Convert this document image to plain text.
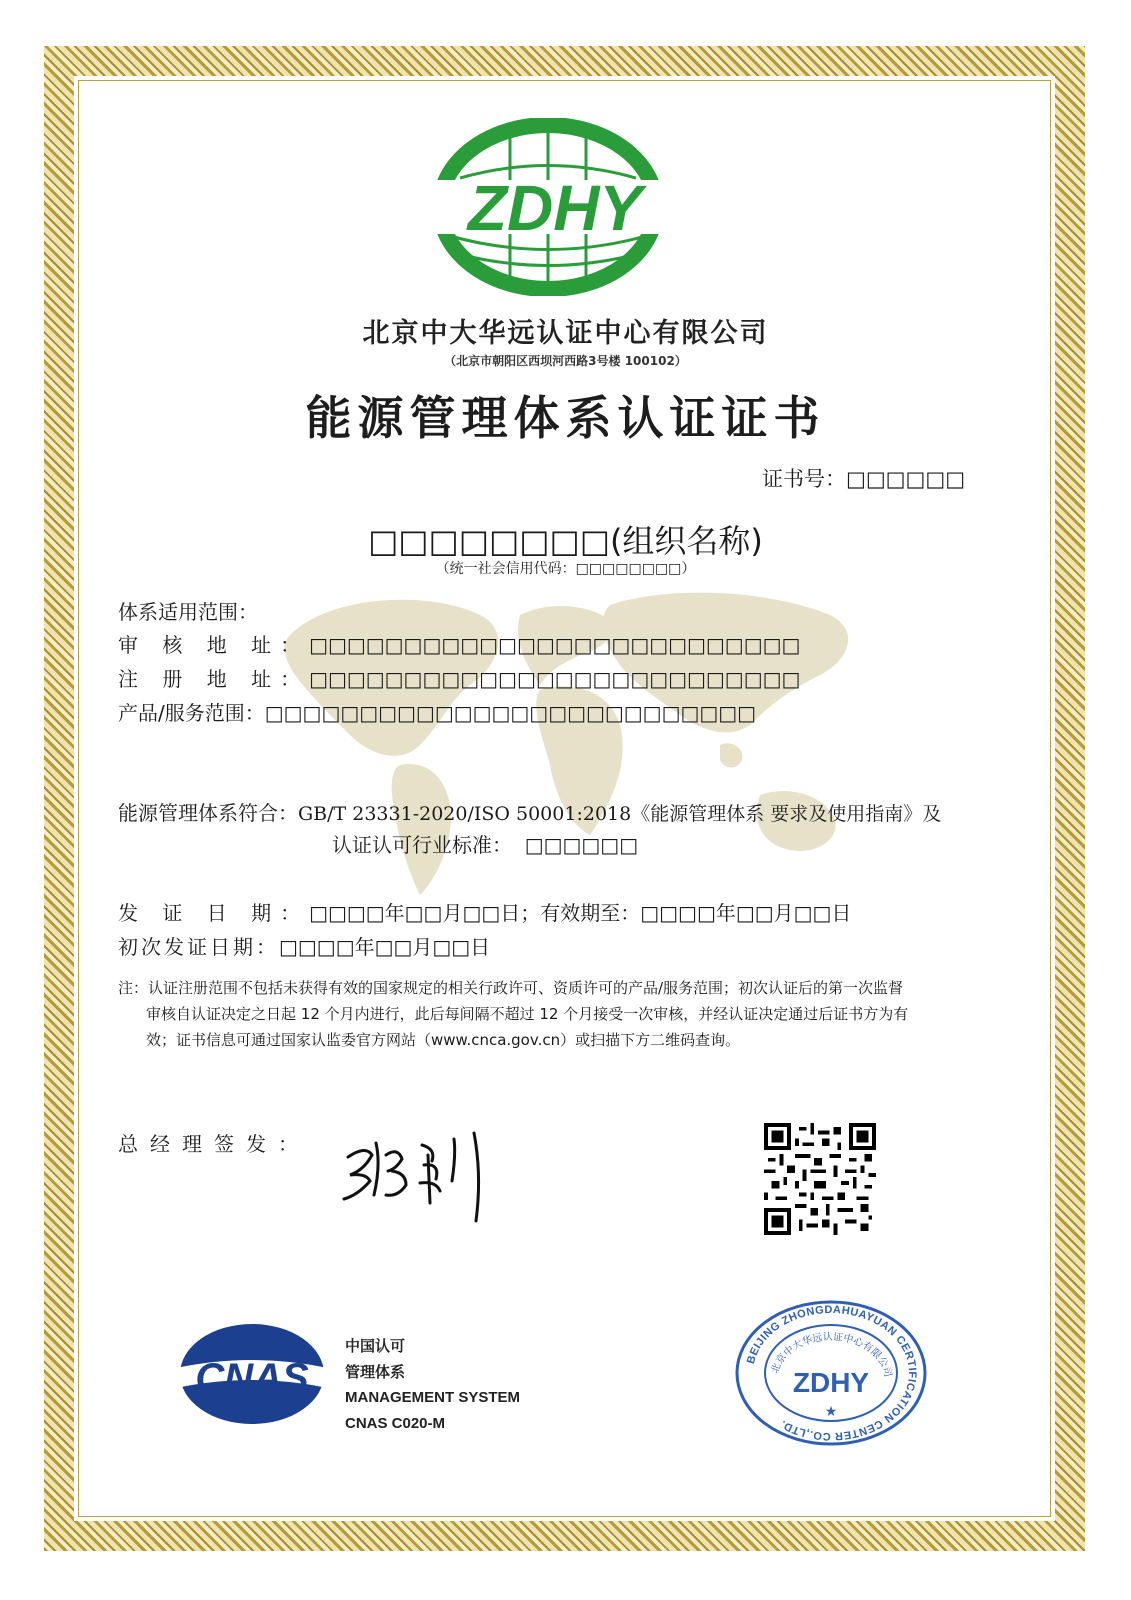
ZDHY
北京中大华远认证中心有限公司
（北京市朝阳区西坝河西路3号楼 100102）
能源管理体系认证证书
证书号：□□□□□□
□□□□□□□□(组织名称)
（统一社会信用代码：□□□□□□□□）
体系适用范围：
审 核 地 址：□□□□□□□□□□□□□□□□□□□□□□□□□□
注 册 地 址：□□□□□□□□□□□□□□□□□□□□□□□□□□
产品/服务范围：□□□□□□□□□□□□□□□□□□□□□□□□□□
能源管理体系符合：GB/T 23331-2020/ISO 50001:2018《能源管理体系 要求及使用指南》及
认证认可行业标准： □□□□□□
发 证 日 期：□□□□年□□月□□日；有效期至：□□□□年□□月□□日
初次发证日期：□□□□年□□月□□日
注：认证注册范围不包括未获得有效的国家规定的相关行政许可、资质许可的产品/服务范围；初次认证后的第一次监督
审核自认证决定之日起 12 个月内进行，此后每间隔不超过 12 个月接受一次审核，并经认证决定通过后证书方为有
效；证书信息可通过国家认监委官方网站（www.cnca.gov.cn）或扫描下方二维码查询。
总经理签发：
CNAS
中国认可
管理体系
MANAGEMENT SYSTEM
CNAS C020-M
BEIJING ZHONGDAHUAYUAN CERTIFICATION CENTER CO.,LTD.
北京中大华远认证中心有限公司
ZDHY
★
